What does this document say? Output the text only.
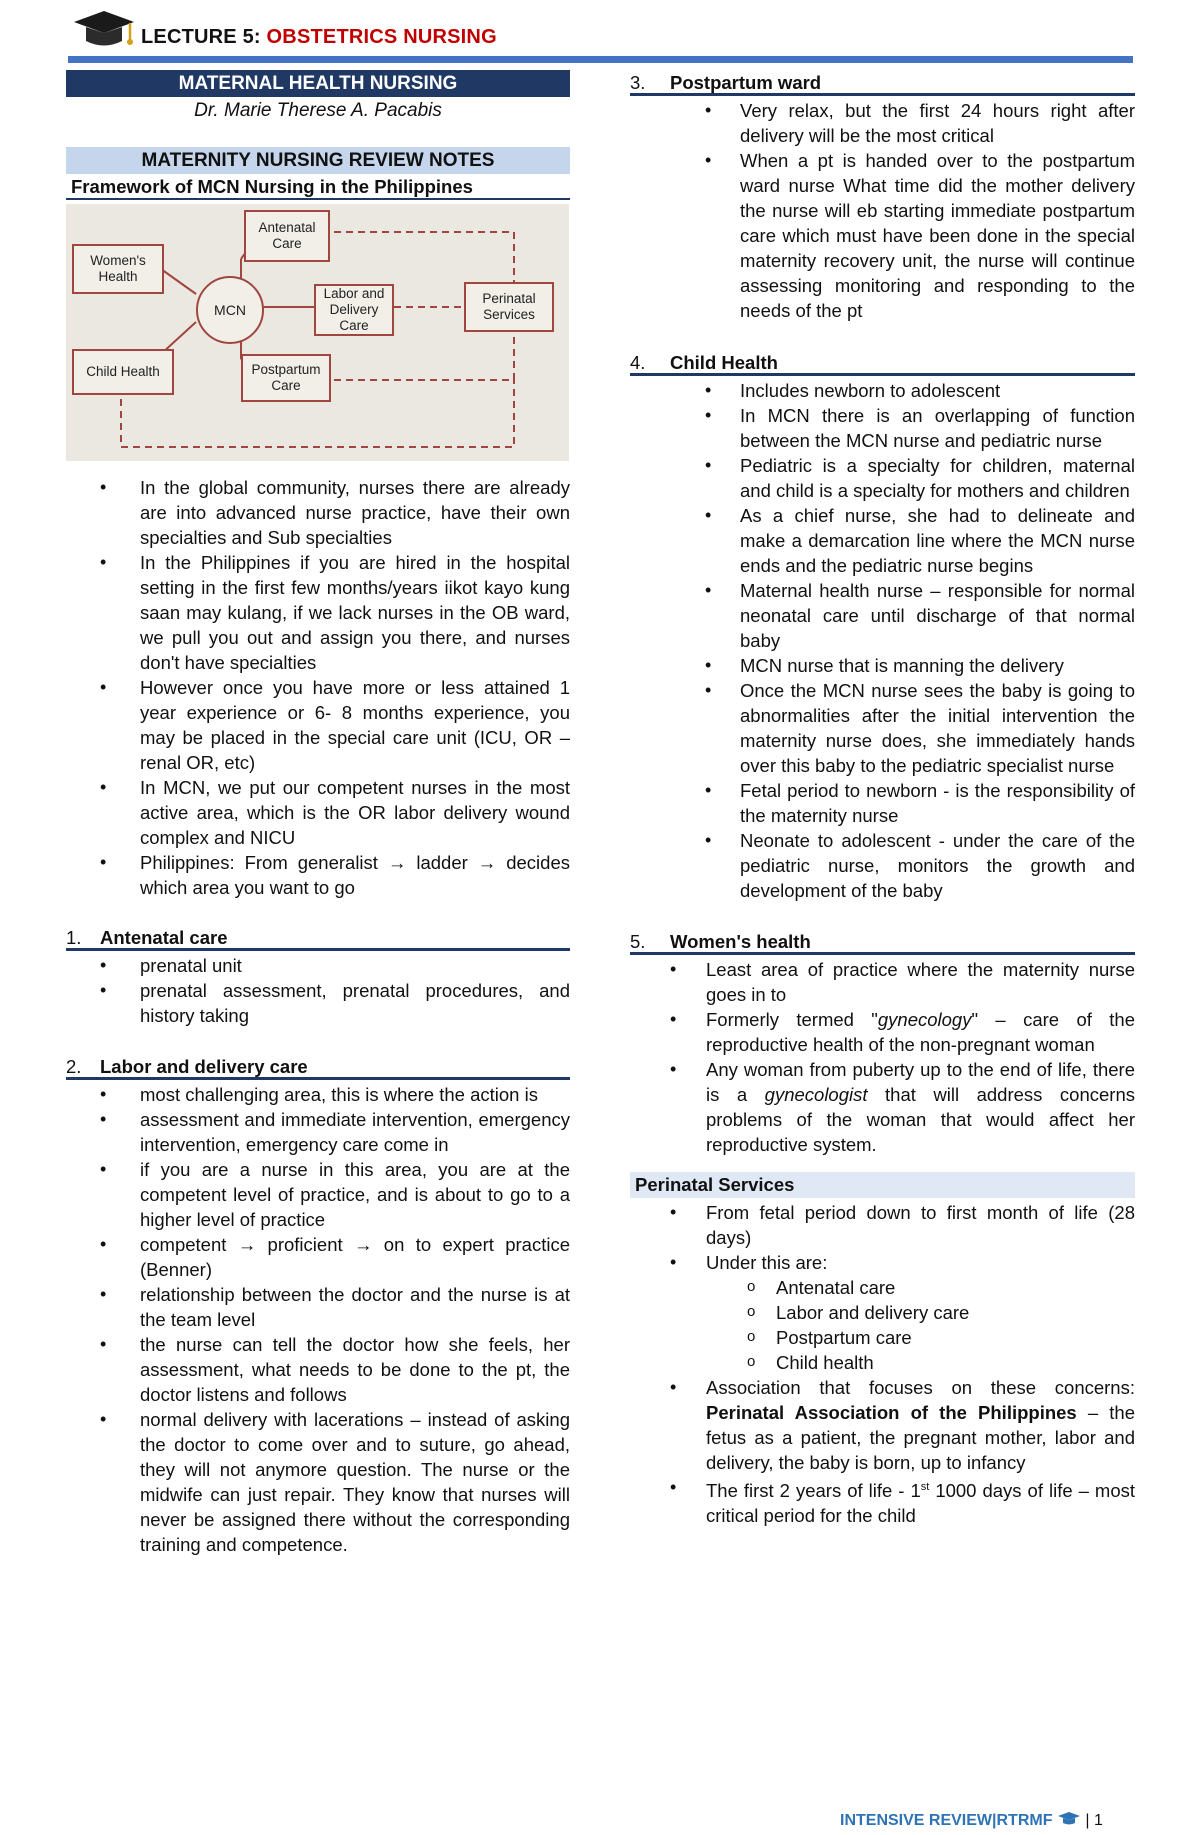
LECTURE 5: OBSTETRICS NURSING
MATERNAL HEALTH NURSING
Dr. Marie Therese A. Pacabis
MATERNITY NURSING REVIEW NOTES
Framework of MCN Nursing in the Philippines
Antenatal Care
Women's Health
MCN
Labor and Delivery Care
Perinatal Services
Child Health	Postpartum Care
• In the global community, nurses there are already are into advanced nurse practice, have their own specialties and Sub specialties
• In the Philippines if you are hired in the hospital setting in the first few months/years iikot kayo kung saan may kulang, if we lack nurses in the OB ward, we pull you out and assign you there, and nurses don't have specialties
• However once you have more or less attained 1 year experience or 6- 8 months experience, you may be placed in the special care unit (ICU, OR – renal OR, etc)
• In MCN, we put our competent nurses in the most active area, which is the OR labor delivery wound complex and NICU
• Philippines: From generalist → ladder → decides which area you want to go
1. Antenatal care
• prenatal unit
• prenatal assessment, prenatal procedures, and history taking
2. Labor and delivery care
• most challenging area, this is where the action is
• assessment and immediate intervention, emergency intervention, emergency care come in
• if you are a nurse in this area, you are at the competent level of practice, and is about to go to a higher level of practice
• competent → proficient → on to expert practice (Benner)
• relationship between the doctor and the nurse is at the team level
• the nurse can tell the doctor how she feels, her assessment, what needs to be done to the pt, the doctor listens and follows
• normal delivery with lacerations – instead of asking the doctor to come over and to suture, go ahead, they will not anymore question. The nurse or the midwife can just repair. They know that nurses will never be assigned there without the corresponding training and competence.
3. Postpartum ward
• Very relax, but the first 24 hours right after delivery will be the most critical
• When a pt is handed over to the postpartum ward nurse What time did the mother delivery the nurse will eb starting immediate postpartum care which must have been done in the special maternity recovery unit, the nurse will continue assessing monitoring and responding to the needs of the pt
4. Child Health
• Includes newborn to adolescent
• In MCN there is an overlapping of function between the MCN nurse and pediatric nurse
• Pediatric is a specialty for children, maternal and child is a specialty for mothers and children
• As a chief nurse, she had to delineate and make a demarcation line where the MCN nurse ends and the pediatric nurse begins
• Maternal health nurse – responsible for normal neonatal care until discharge of that normal baby
• MCN nurse that is manning the delivery
• Once the MCN nurse sees the baby is going to abnormalities after the initial intervention the maternity nurse does, she immediately hands over this baby to the pediatric specialist nurse
• Fetal period to newborn - is the responsibility of the maternity nurse
• Neonate to adolescent - under the care of the pediatric nurse, monitors the growth and development of the baby
5. Women's health
• Least area of practice where the maternity nurse goes in to
• Formerly termed "gynecology" – care of the reproductive health of the non-pregnant woman
• Any woman from puberty up to the end of life, there is a gynecologist that will address concerns problems of the woman that would affect her reproductive system.
Perinatal Services
• From fetal period down to first month of life (28 days)
• Under this are:
o Antenatal care
o Labor and delivery care
o Postpartum care
o Child health
• Association that focuses on these concerns: Perinatal Association of the Philippines – the fetus as a patient, the pregnant mother, labor and delivery, the baby is born, up to infancy
• The first 2 years of life - 1st 1000 days of life – most critical period for the child
INTENSIVE REVIEW|RTRMF | 1
